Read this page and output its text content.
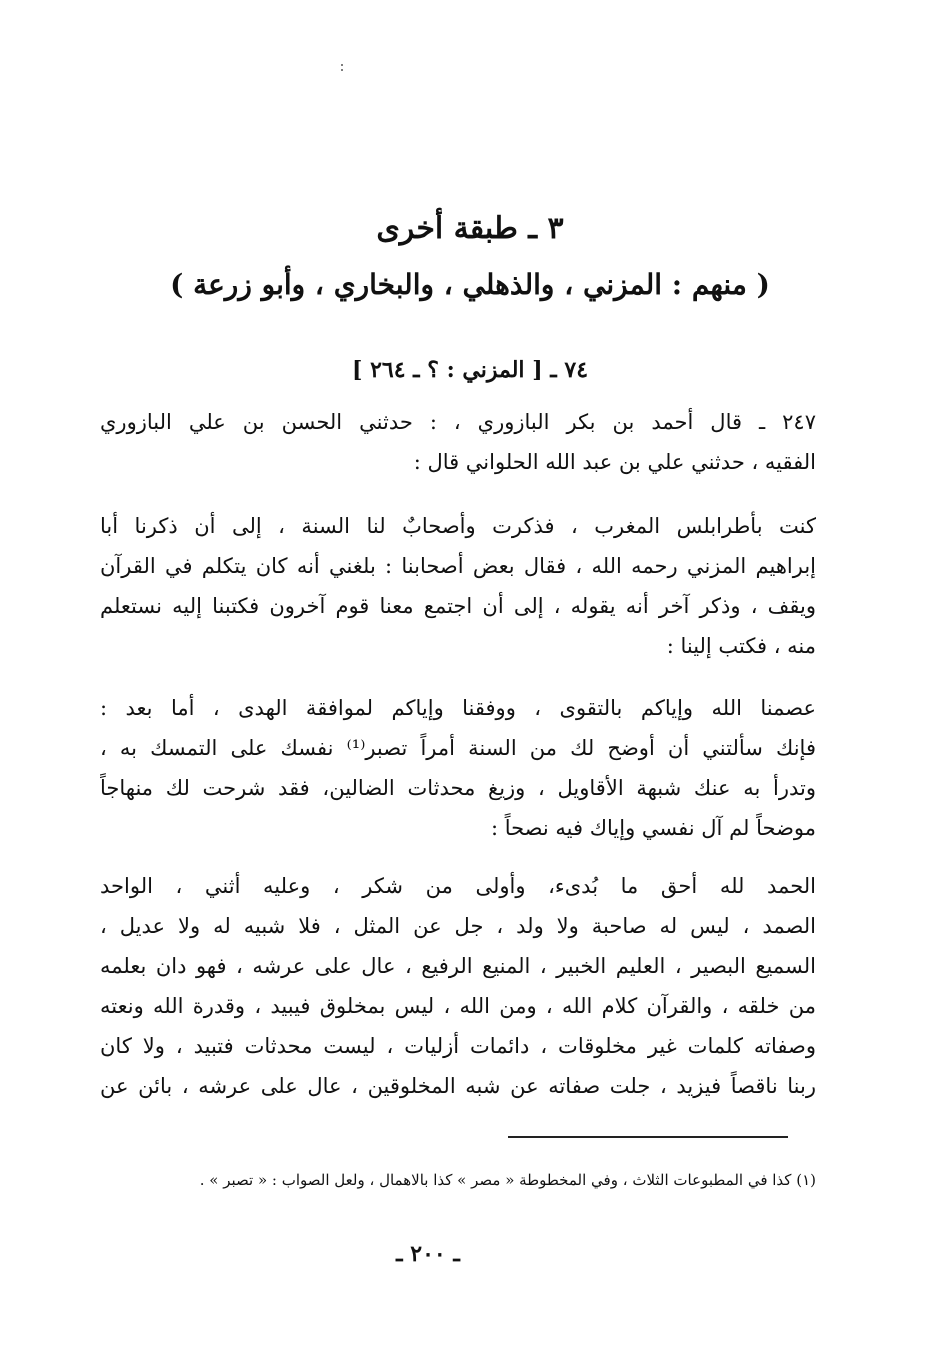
٣ ـ طبقة أخرى
( منهم : المزني ، والذهلي ، والبخاري ، وأبو زرعة )
٧٤ ـ [ المزني : ؟ ـ ٢٦٤ ]
٢٤٧ ـ قال أحمد بن بكر البازوري ، : حدثني الحسن بن علي البازوري
الفقيه ، حدثني علي بن عبد الله الحلواني قال :
كنت بأطرابلس المغرب ، فذكرت وأصحابٌ لنا السنة ، إلى أن ذكرنا أبا
إبراهيم المزني رحمه الله ، فقال بعض أصحابنا : بلغني أنه كان يتكلم في القرآن
ويقف ، وذكر آخر أنه يقوله ، إلى أن اجتمع معنا قوم آخرون فكتبنا إليه نستعلم
منه ، فكتب إلينا :
عصمنا الله وإياكم بالتقوى ، ووفقنا وإياكم لموافقة الهدى ، أما بعد :
فإنك سألتني أن أوضح لك من السنة أمراً تصبر⁽¹⁾ نفسك على التمسك به ،
وتدرأ به عنك شبهة الأقاويل ، وزيغ محدثات الضالين، فقد شرحت لك منهاجاً
موضحاً لم آل نفسي وإياك فيه نصحاً :
الحمد لله أحق ما بُدىء، وأولى من شكر ، وعليه أثني ، الواحد
الصمد ، ليس له صاحبة ولا ولد ، جل عن المثل ، فلا شبيه له ولا عديل ،
السميع البصير ، العليم الخبير ، المنيع الرفيع ، عال على عرشه ، فهو دان بعلمه
من خلقه ، والقرآن كلام الله ، ومن الله ، ليس بمخلوق فيبيد ، وقدرة الله ونعته
وصفاته كلمات غير مخلوقات ، دائمات أزليات ، ليست محدثات فتبيد ، ولا كان
ربنا ناقصاً فيزيد ، جلت صفاته عن شبه المخلوقين ، عال على عرشه ، بائن عن
(١) كذا في المطبوعات الثلاث ، وفي المخطوطة « مصر » كذا بالاهمال ، ولعل الصواب : « تصبر » .
ـ ٢٠٠ ـ
